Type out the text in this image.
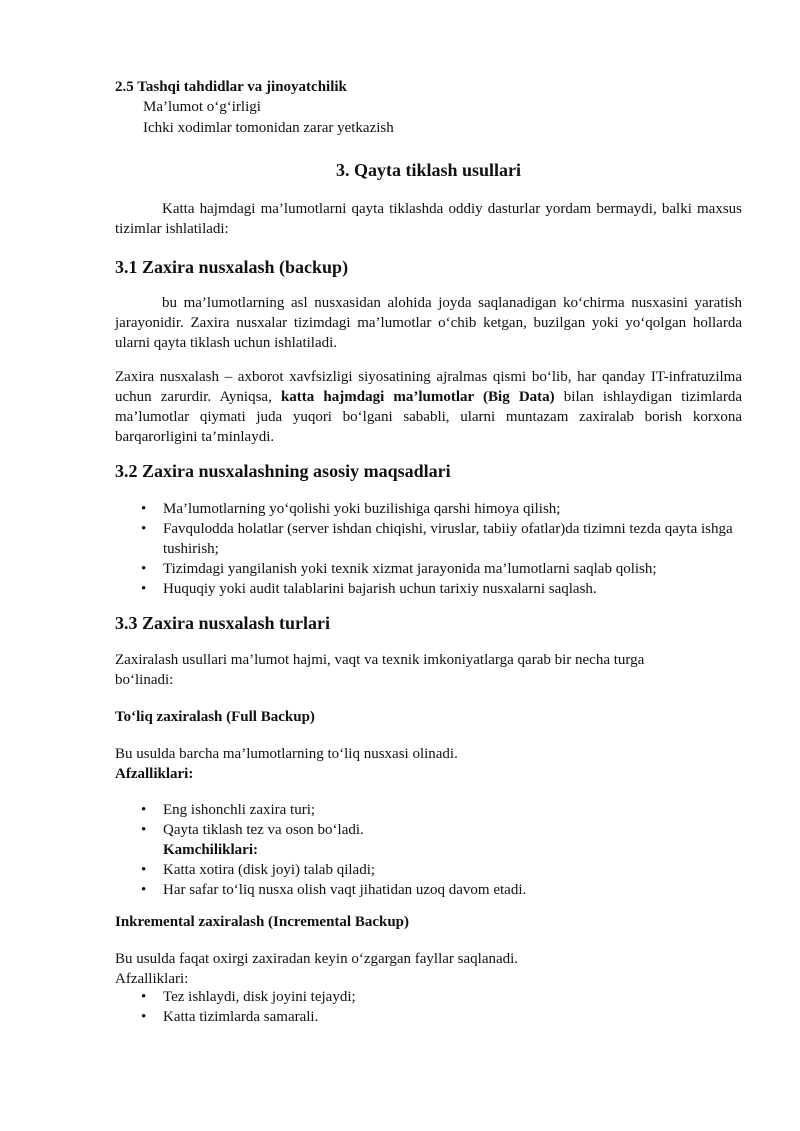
2.5 Tashqi tahdidlar va jinoyatchilik
Ma’lumot o‘g‘irligi
Ichki xodimlar tomonidan zarar yetkazish
3. Qayta tiklash usullari
Katta hajmdagi ma’lumotlarni qayta tiklashda oddiy dasturlar yordam bermaydi, balki maxsus tizimlar ishlatiladi:
3.1 Zaxira nusxalash (backup)
bu ma’lumotlarning asl nusxasidan alohida joyda saqlanadigan ko‘chirma nusxasini yaratish jarayonidir. Zaxira nusxalar tizimdagi ma’lumotlar o‘chib ketgan, buzilgan yoki yo‘qolgan hollarda ularni qayta tiklash uchun ishlatiladi.
Zaxira nusxalash – axborot xavfsizligi siyosatining ajralmas qismi bo‘lib, har qanday IT-infratuzilma uchun zarurdir. Ayniqsa, katta hajmdagi ma’lumotlar (Big Data) bilan ishlaydigan tizimlarda ma’lumotlar qiymati juda yuqori bo‘lgani sababli, ularni muntazam zaxiralab borish korxona barqarorligini ta’minlaydi.
3.2 Zaxira nusxalashning asosiy maqsadlari
• Ma’lumotlarning yo‘qolishi yoki buzilishiga qarshi himoya qilish;
• Favqulodda holatlar (server ishdan chiqishi, viruslar, tabiiy ofatlar)da tizimni tezda qayta ishga tushirish;
• Tizimdagi yangilanish yoki texnik xizmat jarayonida ma’lumotlarni saqlab qolish;
• Huquqiy yoki audit talablarini bajarish uchun tarixiy nusxalarni saqlash.
3.3 Zaxira nusxalash turlari
Zaxiralash usullari ma’lumot hajmi, vaqt va texnik imkoniyatlarga qarab bir necha turga bo‘linadi:
To‘liq zaxiralash (Full Backup)
Bu usulda barcha ma’lumotlarning to‘liq nusxasi olinadi.
Afzalliklari:
• Eng ishonchli zaxira turi;
• Qayta tiklash tez va oson bo‘ladi.
Kamchiliklari:
• Katta xotira (disk joyi) talab qiladi;
• Har safar to‘liq nusxa olish vaqt jihatidan uzoq davom etadi.
Inkremental zaxiralash (Incremental Backup)
Bu usulda faqat oxirgi zaxiradan keyin o‘zgargan fayllar saqlanadi.
Afzalliklari:
• Tez ishlaydi, disk joyini tejaydi;
• Katta tizimlarda samarali.
